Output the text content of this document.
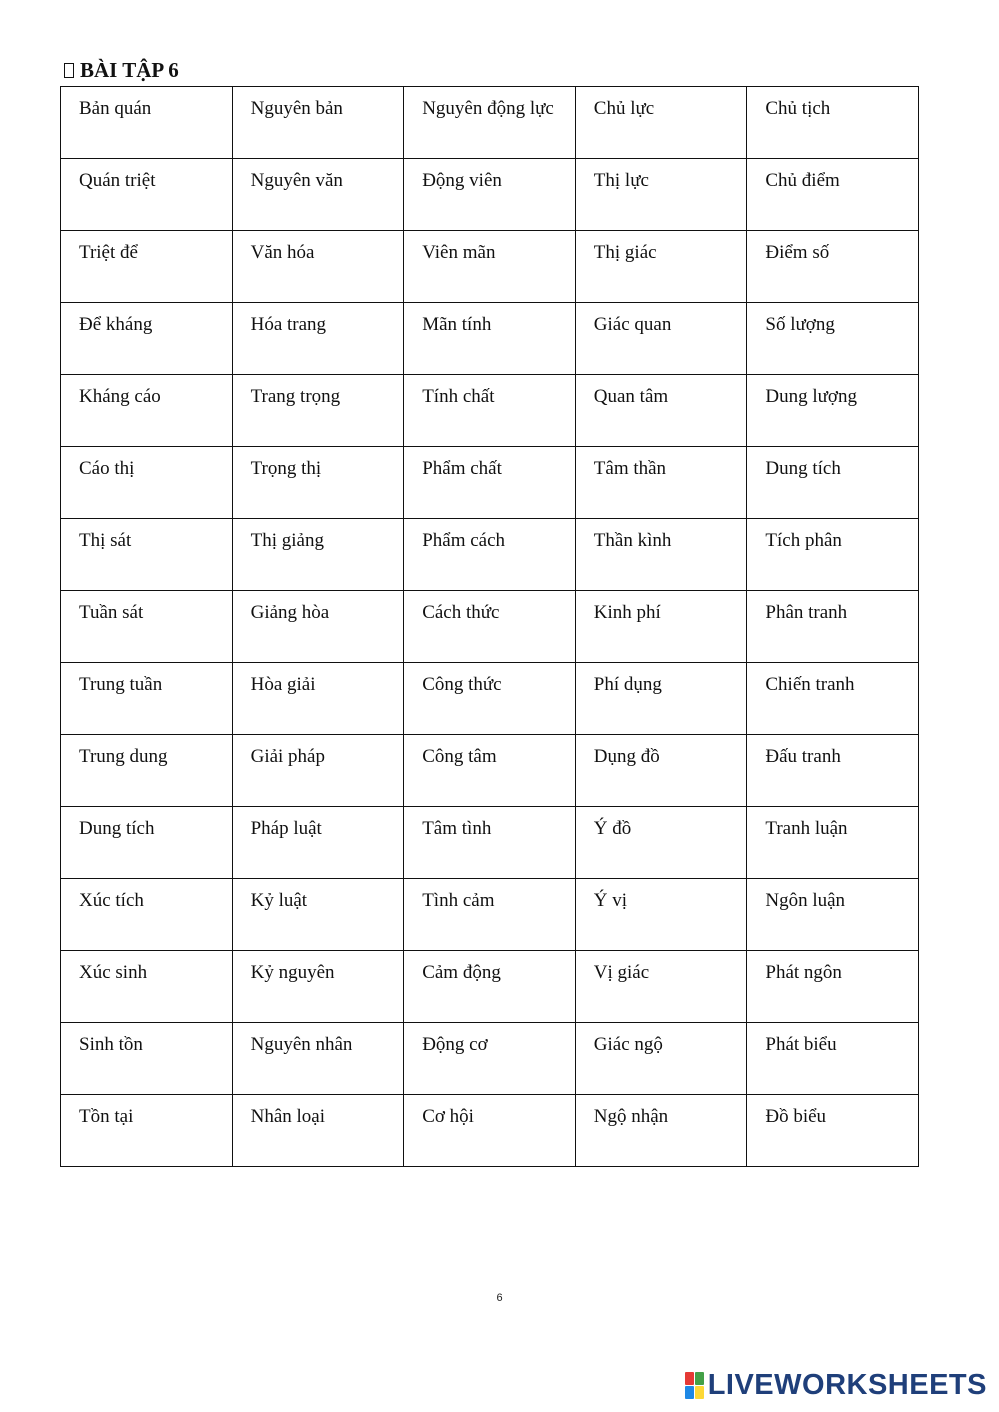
BÀI TẬP 6
Bản quán	Nguyên bản	Nguyên động lực	Chủ lực	Chủ tịch
Quán triệt	Nguyên văn	Động viên	Thị lực	Chủ điểm
Triệt để	Văn hóa	Viên mãn	Thị giác	Điểm số
Để kháng	Hóa trang	Mãn tính	Giác quan	Số lượng
Kháng cáo	Trang trọng	Tính chất	Quan tâm	Dung lượng
Cáo thị	Trọng thị	Phẩm chất	Tâm thần	Dung tích
Thị sát	Thị giảng	Phẩm cách	Thần kình	Tích phân
Tuần sát	Giảng hòa	Cách thức	Kinh phí	Phân tranh
Trung tuần	Hòa giải	Công thức	Phí dụng	Chiến tranh
Trung dung	Giải pháp	Công tâm	Dụng đồ	Đấu tranh
Dung tích	Pháp luật	Tâm tình	Ý đồ	Tranh luận
Xúc tích	Kỷ luật	Tình cảm	Ý vị	Ngôn luận
Xúc sinh	Kỷ nguyên	Cảm động	Vị giác	Phát ngôn
Sinh tồn	Nguyên nhân	Động cơ	Giác ngộ	Phát biểu
Tồn tại	Nhân loại	Cơ hội	Ngộ nhận	Đồ biểu
6
LIVEWORKSHEETS
